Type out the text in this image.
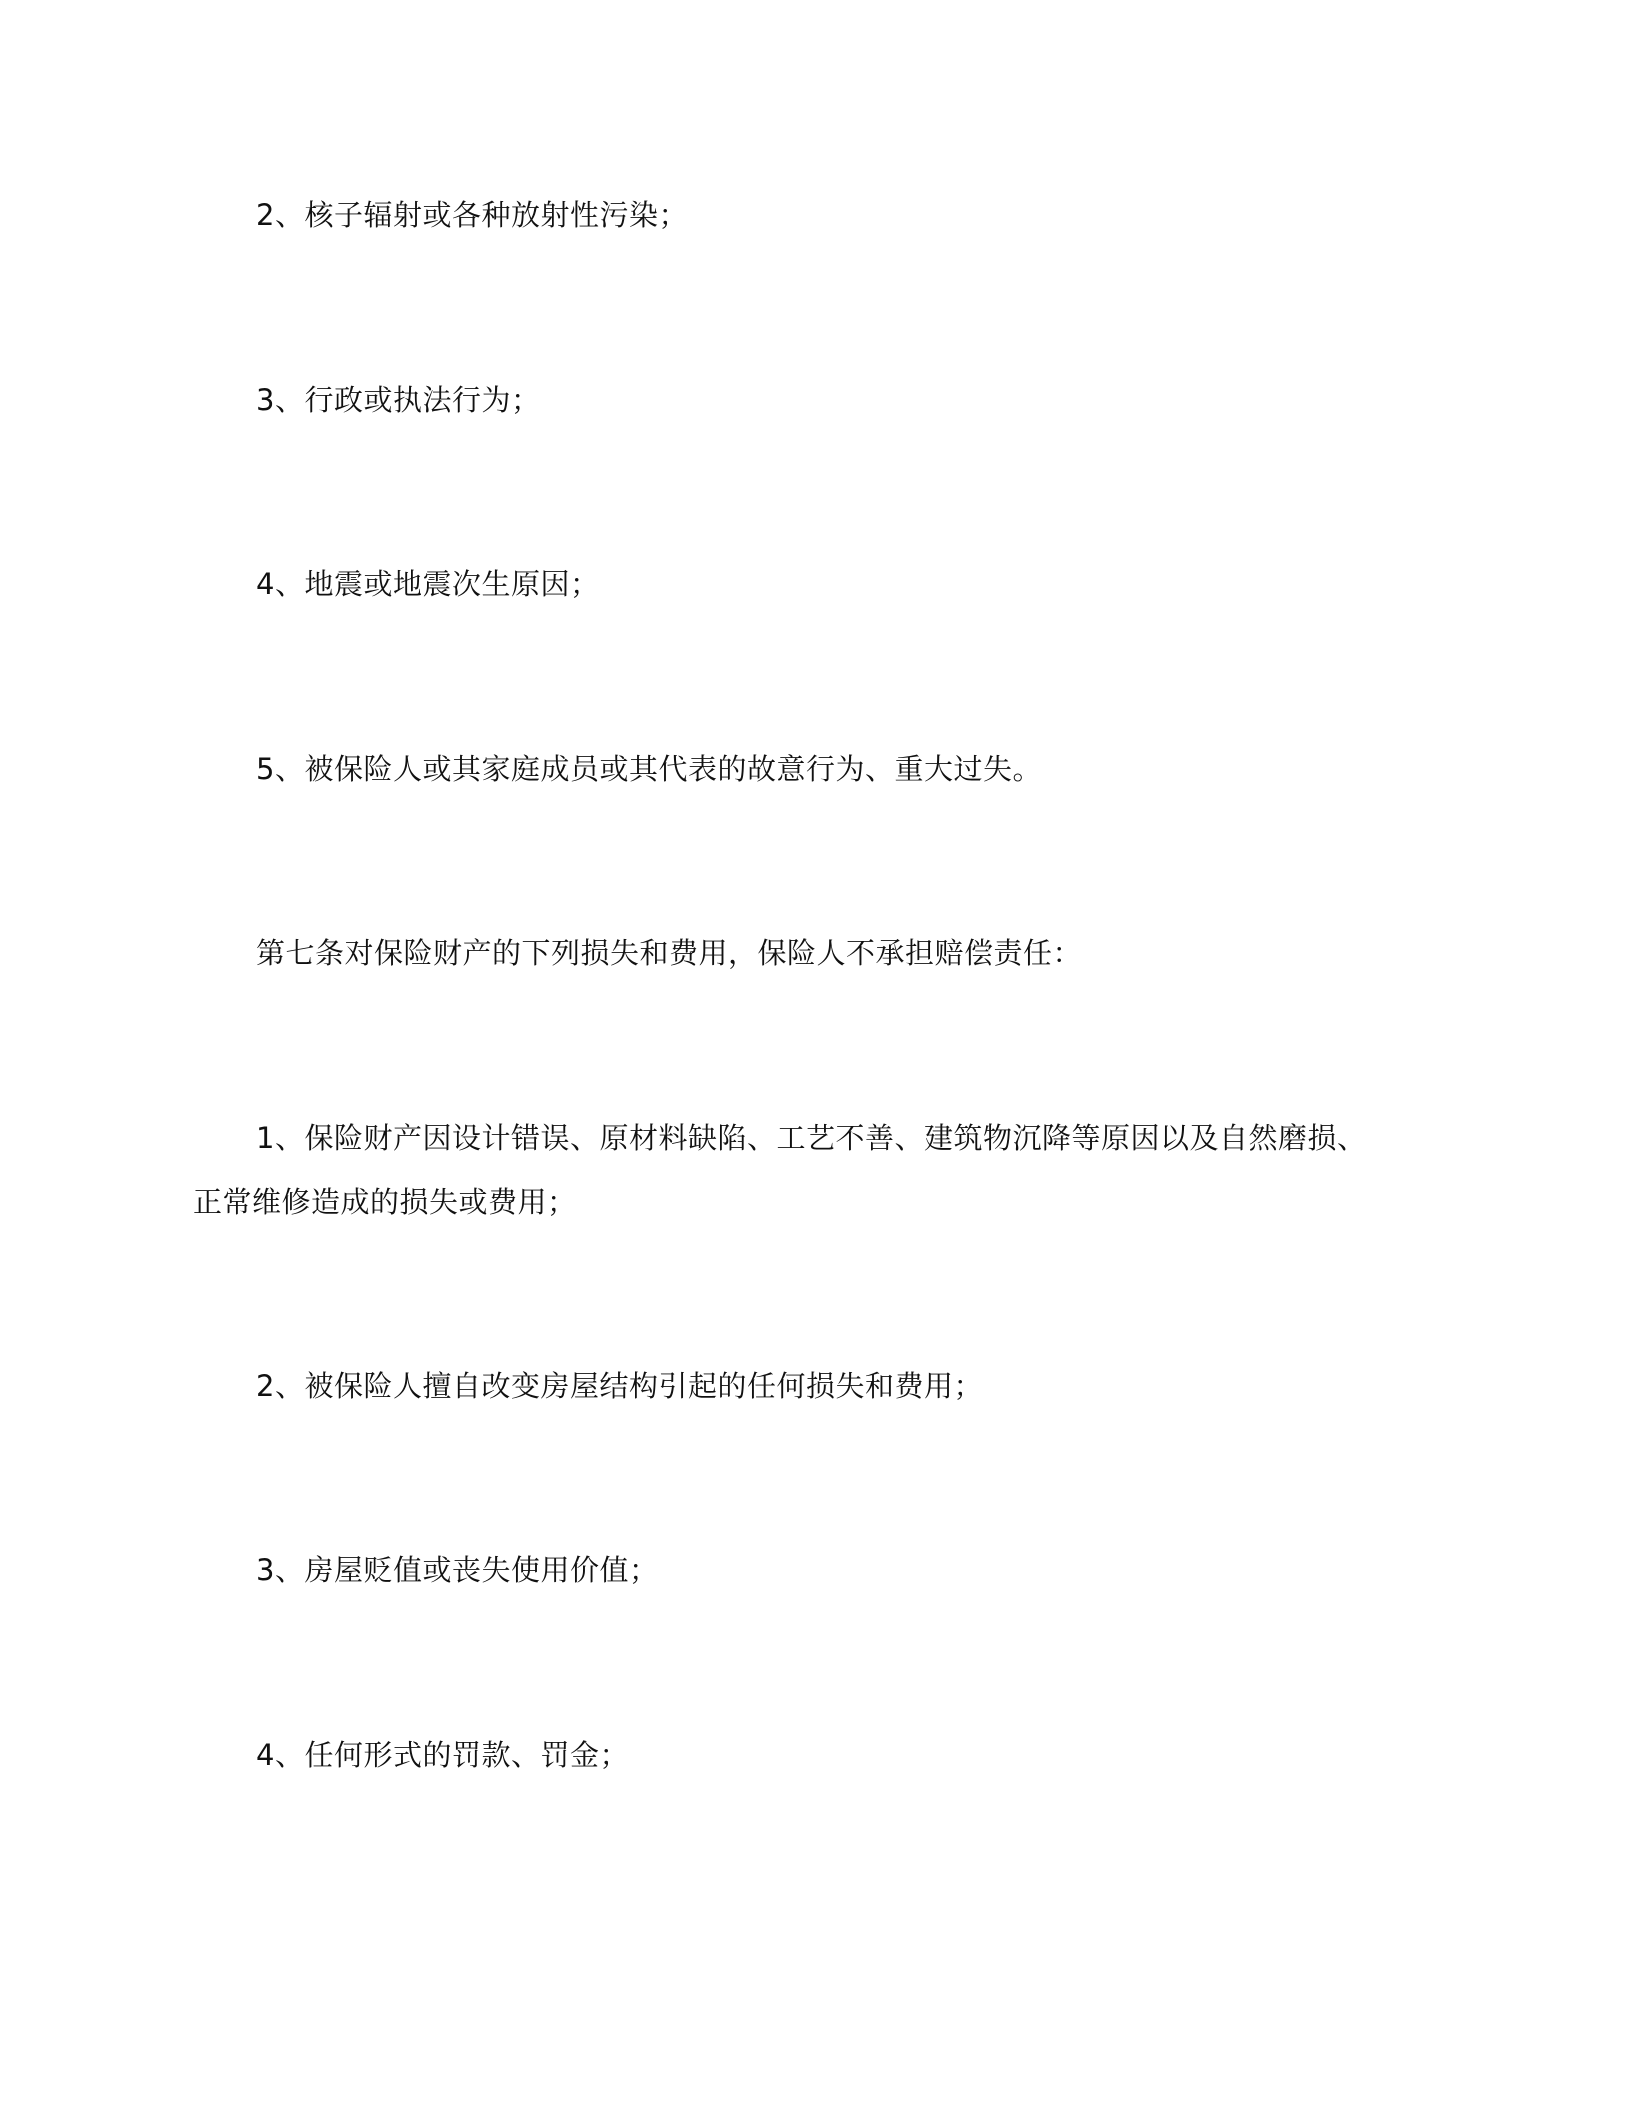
2、核子辐射或各种放射性污染；
3、行政或执法行为；
4、地震或地震次生原因；
5、被保险人或其家庭成员或其代表的故意行为、重大过失。
第七条对保险财产的下列损失和费用，保险人不承担赔偿责任：
1、保险财产因设计错误、原材料缺陷、工艺不善、建筑物沉降等原因以及自然磨损、
正常维修造成的损失或费用；
2、被保险人擅自改变房屋结构引起的任何损失和费用；
3、房屋贬值或丧失使用价值；
4、任何形式的罚款、罚金；
